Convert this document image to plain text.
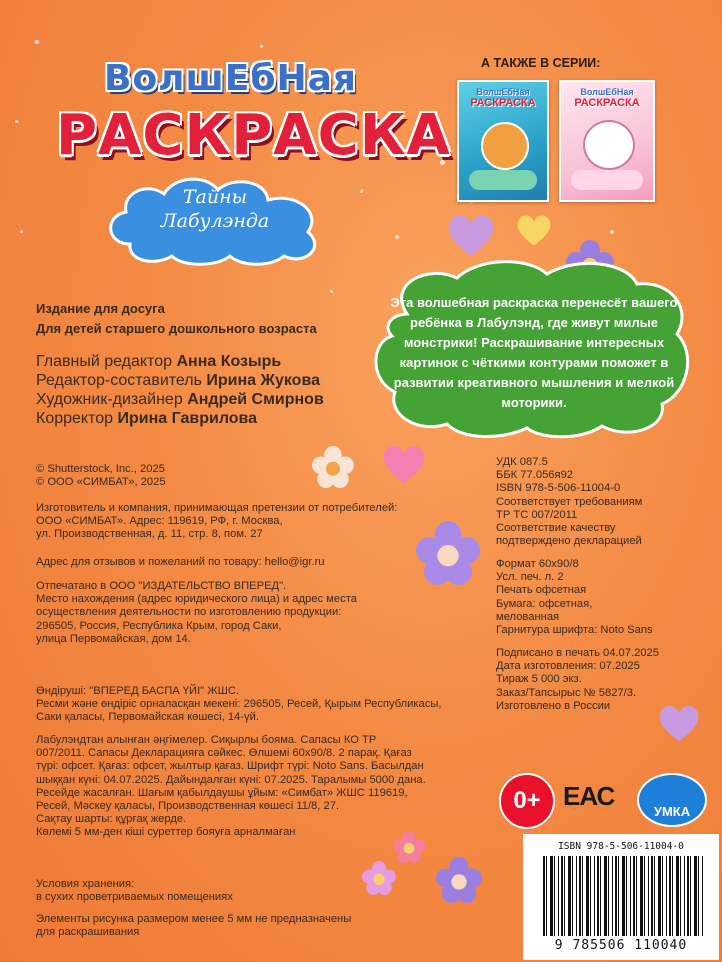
ВолшЕбНая
РАСКРАСКА
Тайны
Лабулэнда
А ТАКЖЕ В СЕРИИ:
ВолшЕбНая
РАСКРАСКА
ВолшЕбНая
РАСКРАСКА
Издание для досуга
Для детей старшего дошкольного возраста
Главный редактор Анна Козырь
Редактор-составитель Ирина Жукова
Художник-дизайнер Андрей Смирнов
Корректор Ирина Гаврилова
Эта волшебная раскраска перенесёт вашего ребёнка в Лабулэнд, где живут милые монстрики! Раскрашивание интересных картинок с чёткими контурами поможет в развитии креативного мышления и мелкой моторики.
© Shutterstock, Inc., 2025
© ООО «СИМБАТ», 2025
Изготовитель и компания, принимающая претензии от потребителей:
ООО «СИМБАТ». Адрес: 119619, РФ, г. Москва,
ул. Производственная, д. 11, стр. 8, пом. 27
Адрес для отзывов и пожеланий по товару: hello@igr.ru
Отпечатано в ООО "ИЗДАТЕЛЬСТВО ВПЕРЕД".
Место нахождения (адрес юридического лица) и адрес места
осуществления деятельности по изготовлению продукции:
296505, Россия, Республика Крым, город Саки,
улица Первомайская, дом 14.
Өндіруші: "ВПЕРЕД БАСПА ҮЙІ" ЖШС.
Ресми және өндіріс орналасқан мекені: 296505, Ресей, Қырым Республикасы,
Саки қаласы, Первомайская көшесі, 14-үй.
Лабулэндтан алынған әңгімелер. Сиқырлы бояма. Сапасы КО ТР
007/2011. Сапасы Декларацияға сәйкес. Өлшемі 60х90/8. 2 парақ. Қағаз
түрі: офсет. Қағаз: офсет, жылтыр қағаз. Шрифт түрі: Noto Sans. Басылдан
шыққан күні: 04.07.2025. Дайындалған күні: 07.2025. Таралымы 5000 дана.
Ресейде жасалған. Шағым қабылдаушы ұйым: «Симбат» ЖШС 119619,
Ресей, Мәскеу қаласы, Производственная көшесі 11/8, 27.
Сақтау шарты: құрғақ жерде.
Көлемі 5 мм-ден кіші суреттер бояуға арналмаған
Условия хранения:
в сухих проветриваемых помещениях
Элементы рисунка размером менее 5 мм не предназначены
для раскрашивания
УДК 087.5
ББК 77.056я92
ISBN 978-5-506-11004-0
Соответствует требованиям
ТР ТС 007/2011
Соответствие качеству
подтверждено декларацией
Формат 60х90/8
Усл. печ. л. 2
Печать офсетная
Бумага: офсетная,
мелованная
Гарнитура шрифта: Noto Sans
Подписано в печать 04.07.2025
Дата изготовления: 07.2025
Тираж 5 000 экз.
Заказ/Тапсырыс № 5827/3.
Изготовлено в России
0+ ЕАС
УМКА
ISBN 978-5-506-11004-0
9 785506 110040
